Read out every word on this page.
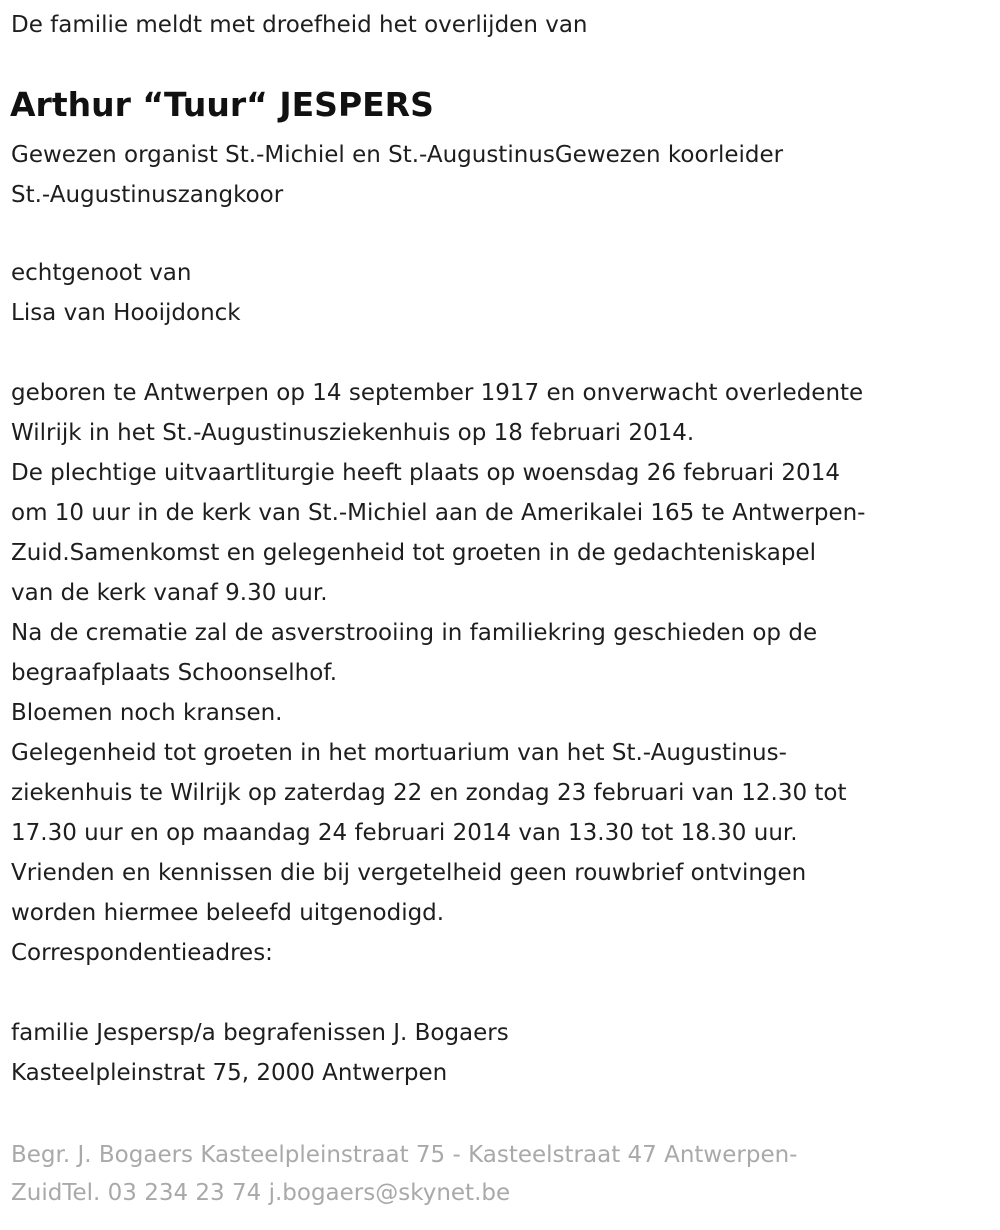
De familie meldt met droefheid het overlijden van
Arthur “Tuur“ JESPERS
Gewezen organist St.-Michiel en St.-AugustinusGewezen koorleider
St.-Augustinuszangkoor
echtgenoot van
Lisa van Hooijdonck
geboren te Antwerpen op 14 september 1917 en onverwacht overledente
Wilrijk in het St.-Augustinusziekenhuis op 18 februari 2014.
De plechtige uitvaartliturgie heeft plaats op woensdag 26 februari 2014
om 10 uur in de kerk van St.-Michiel aan de Amerikalei 165 te Antwerpen-
Zuid.Samenkomst en gelegenheid tot groeten in de gedachteniskapel
van de kerk vanaf 9.30 uur.
Na de crematie zal de asverstrooiing in familiekring geschieden op de
begraafplaats Schoonselhof.
Bloemen noch kransen.
Gelegenheid tot groeten in het mortuarium van het St.-Augustinus-
ziekenhuis te Wilrijk op zaterdag 22 en zondag 23 februari van 12.30 tot
17.30 uur en op maandag 24 februari 2014 van 13.30 tot 18.30 uur.
Vrienden en kennissen die bij vergetelheid geen rouwbrief ontvingen
worden hiermee beleefd uitgenodigd.
Correspondentieadres:
familie Jespersp/a begrafenissen J. Bogaers
Kasteelpleinstrat 75, 2000 Antwerpen
Begr. J. Bogaers Kasteelpleinstraat 75 - Kasteelstraat 47 Antwerpen-
ZuidTel. 03 234 23 74 j.bogaers@skynet.be
